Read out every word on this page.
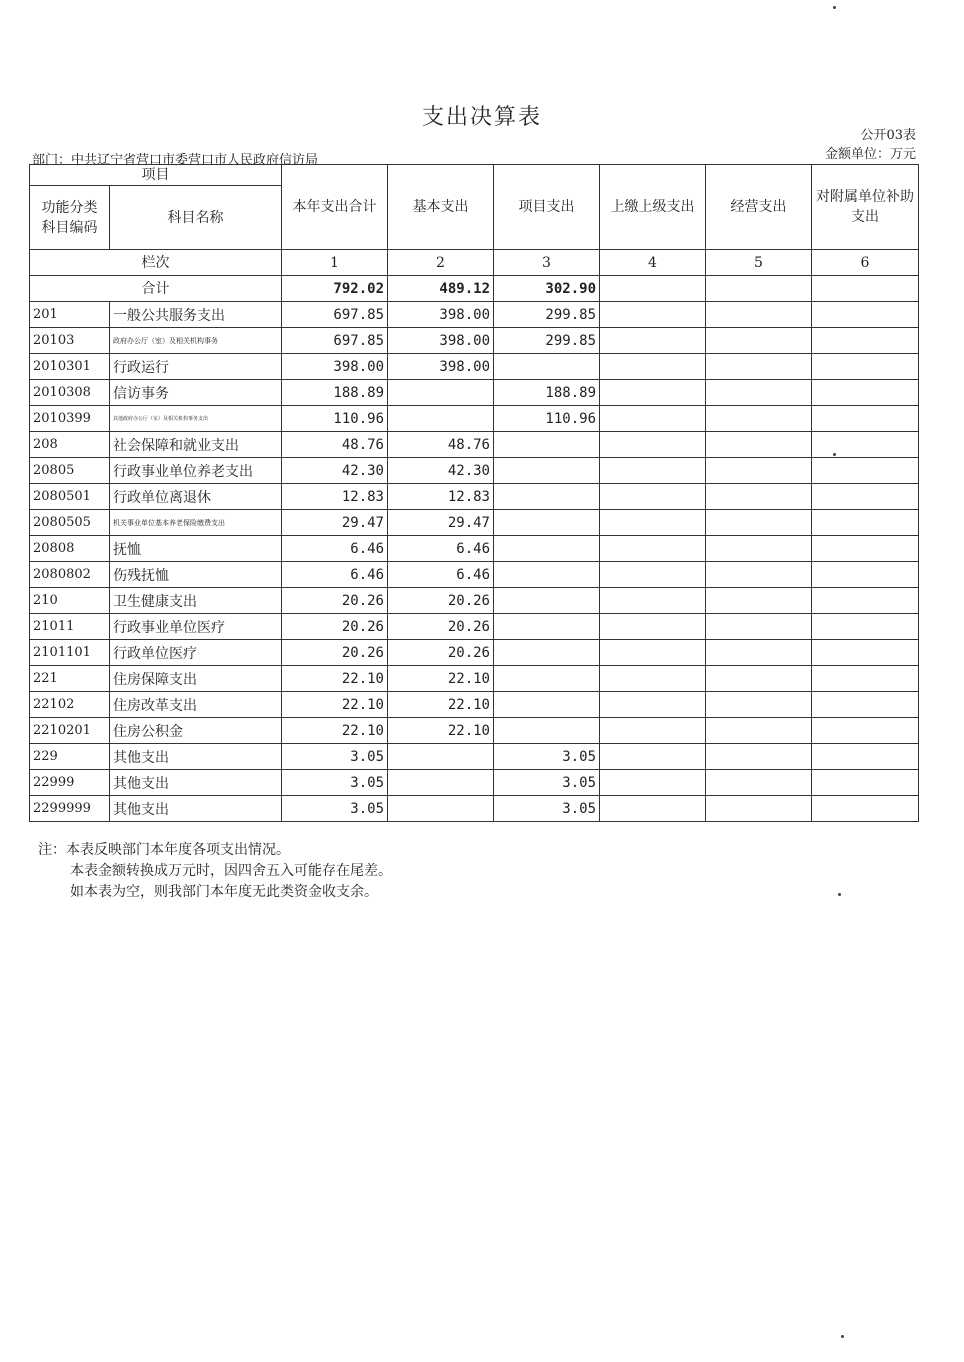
支出决算表
公开03表
金额单位：万元
部门：中共辽宁省营口市委营口市人民政府信访局
项目		本年支出合计	基本支出	项目支出	上缴上级支出	经营支出	对附属单位补助支出
功能分类科目编码	科目名称						
栏次		1	2	3	4	5	6
合计		792.02	489.12	302.90			
201	一般公共服务支出	697.85	398.00	299.85			
20103	政府办公厅（室）及相关机构事务	697.85	398.00	299.85			
2010301	行政运行	398.00	398.00				
2010308	信访事务	188.89		188.89			
2010399	其他政府办公厅（室）及相关机构事务支出	110.96		110.96			
208	社会保障和就业支出	48.76	48.76				
20805	行政事业单位养老支出	42.30	42.30				
2080501	行政单位离退休	12.83	12.83				
2080505	机关事业单位基本养老保险缴费支出	29.47	29.47				
20808	抚恤	6.46	6.46				
2080802	伤残抚恤	6.46	6.46				
210	卫生健康支出	20.26	20.26				
21011	行政事业单位医疗	20.26	20.26				
2101101	行政单位医疗	20.26	20.26				
221	住房保障支出	22.10	22.10				
22102	住房改革支出	22.10	22.10				
2210201	住房公积金	22.10	22.10				
229	其他支出	3.05		3.05			
22999	其他支出	3.05		3.05			
2299999	其他支出	3.05		3.05			
注：本表反映部门本年度各项支出情况。
本表金额转换成万元时，因四舍五入可能存在尾差。
如本表为空，则我部门本年度无此类资金收支余。
